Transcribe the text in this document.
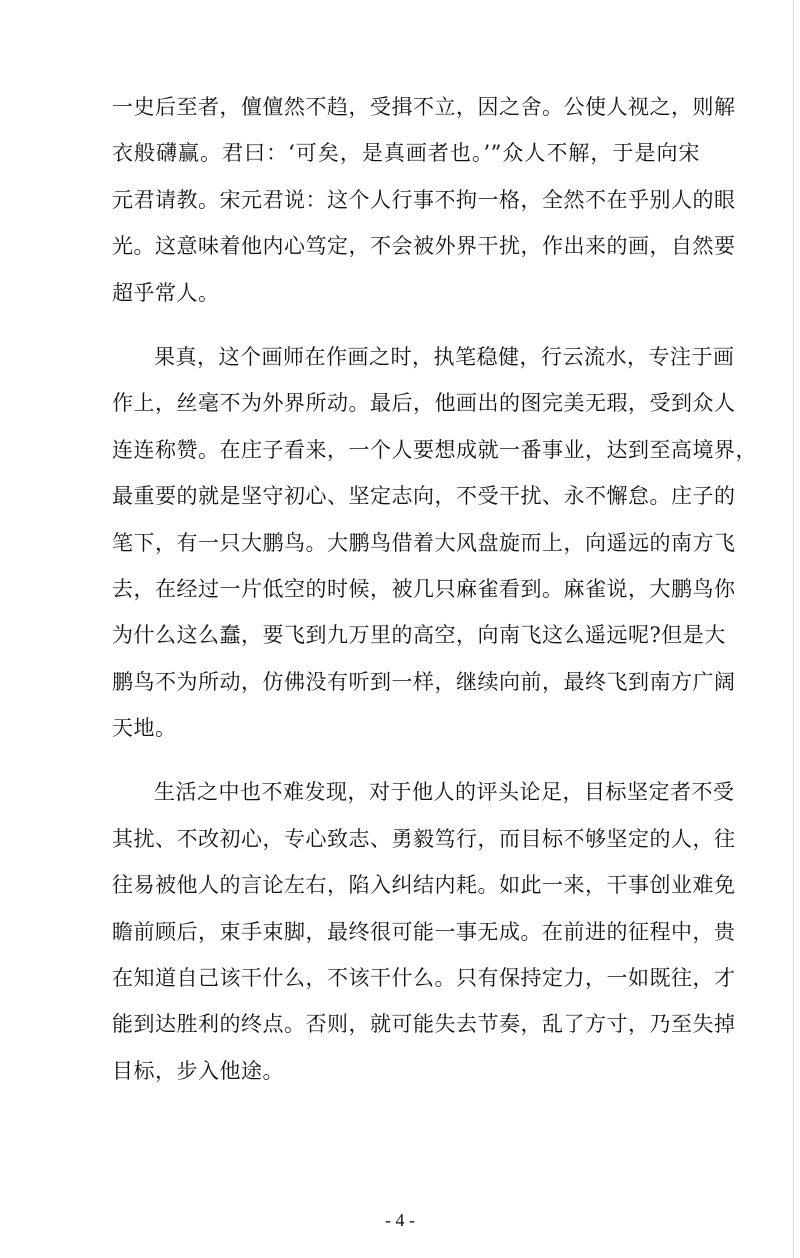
一史后至者，儃儃然不趋，受揖不立，因之舍。公使人视之，则解
衣般礴赢。君曰：‘可矣，是真画者也。’”众人不解，于是向宋
元君请教。宋元君说：这个人行事不拘一格，全然不在乎别人的眼
光。这意味着他内心笃定，不会被外界干扰，作出来的画，自然要
超乎常人。
果真，这个画师在作画之时，执笔稳健，行云流水，专注于画
作上，丝毫不为外界所动。最后，他画出的图完美无瑕，受到众人
连连称赞。在庄子看来，一个人要想成就一番事业，达到至高境界，
最重要的就是坚守初心、坚定志向，不受干扰、永不懈怠。庄子的
笔下，有一只大鹏鸟。大鹏鸟借着大风盘旋而上，向遥远的南方飞
去，在经过一片低空的时候，被几只麻雀看到。麻雀说，大鹏鸟你
为什么这么蠢，要飞到九万里的高空，向南飞这么遥远呢?但是大
鹏鸟不为所动，仿佛没有听到一样，继续向前，最终飞到南方广阔
天地。
生活之中也不难发现，对于他人的评头论足，目标坚定者不受
其扰、不改初心，专心致志、勇毅笃行，而目标不够坚定的人，往
往易被他人的言论左右，陷入纠结内耗。如此一来，干事创业难免
瞻前顾后，束手束脚，最终很可能一事无成。在前进的征程中，贵
在知道自己该干什么，不该干什么。只有保持定力，一如既往，才
能到达胜利的终点。否则，就可能失去节奏，乱了方寸，乃至失掉
目标，步入他途。
- 4 -
